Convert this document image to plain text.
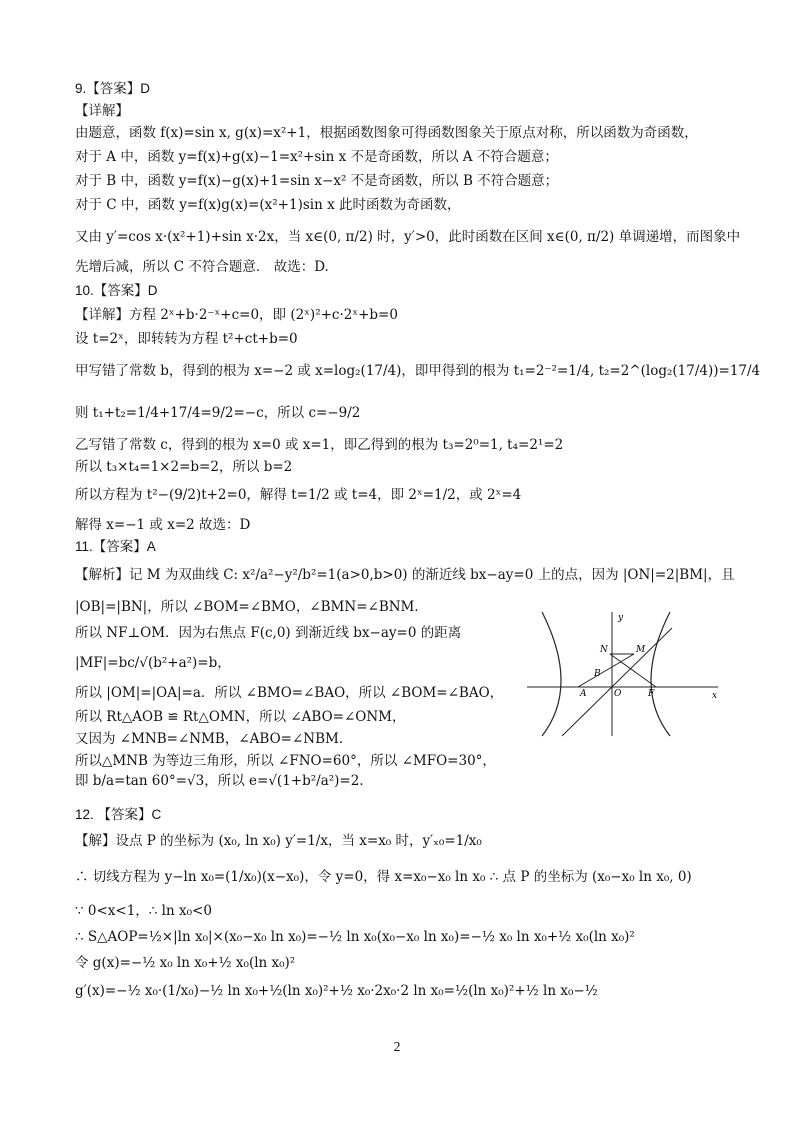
9.【答案】D
【详解】
由题意，函数 f(x)=sin x, g(x)=x²+1，根据函数图象可得函数图象关于原点对称，所以函数为奇函数，
对于 A 中，函数 y=f(x)+g(x)−1=x²+sin x 不是奇函数，所以 A 不符合题意；
对于 B 中，函数 y=f(x)−g(x)+1=sin x−x² 不是奇函数，所以 B 不符合题意；
对于 C 中，函数 y=f(x)g(x)=(x²+1)sin x 此时函数为奇函数，
又由 y′=cos x·(x²+1)+sin x·2x，当 x∈(0, π/2) 时，y′>0，此时函数在区间 x∈(0, π/2) 单调递增，而图象中
先增后减，所以 C 不符合题意． 故选：D.
10.【答案】D
【详解】方程 2ˣ+b·2⁻ˣ+c=0，即 (2ˣ)²+c·2ˣ+b=0
设 t=2ˣ，即转转为方程 t²+ct+b=0
甲写错了常数 b，得到的根为 x=−2 或 x=log₂(17/4)，即甲得到的根为 t₁=2⁻²=1/4, t₂=2^(log₂(17/4))=17/4
则 t₁+t₂=1/4+17/4=9/2=−c，所以 c=−9/2
乙写错了常数 c，得到的根为 x=0 或 x=1，即乙得到的根为 t₃=2⁰=1, t₄=2¹=2
所以 t₃×t₄=1×2=b=2，所以 b=2
所以方程为 t²−(9/2)t+2=0，解得 t=1/2 或 t=4，即 2ˣ=1/2，或 2ˣ=4
解得 x=−1 或 x=2 故选：D
11.【答案】A
【解析】记 M 为双曲线 C: x²/a²−y²/b²=1(a>0,b>0) 的渐近线 bx−ay=0 上的点，因为 |ON|=2|BM|，且
|OB|=|BN|，所以 ∠BOM=∠BMO，∠BMN=∠BNM．
所以 NF⊥OM．因为右焦点 F(c,0) 到渐近线 bx−ay=0 的距离
|MF|=bc/√(b²+a²)=b，
所以 |OM|=|OA|=a．所以 ∠BMO=∠BAO，所以 ∠BOM=∠BAO，
所以 Rt△AOB ≌ Rt△OMN，所以 ∠ABO=∠ONM，
又因为 ∠MNB=∠NMB，∠ABO=∠NBM．
所以△MNB 为等边三角形，所以 ∠FNO=60°，所以 ∠MFO=30°，
即 b/a=tan 60°=√3，所以 e=√(1+b²/a²)=2．
12. 【答案】C
【解】设点 P 的坐标为 (x₀, ln x₀) y′=1/x，当 x=x₀ 时，y′ₓ₀=1/x₀
∴ 切线方程为 y−ln x₀=(1/x₀)(x−x₀)，令 y=0，得 x=x₀−x₀ ln x₀ ∴ 点 P 的坐标为 (x₀−x₀ ln x₀, 0)
∵ 0<x<1，∴ ln x₀<0
∴ S△AOP=½×|ln x₀|×(x₀−x₀ ln x₀)=−½ ln x₀(x₀−x₀ ln x₀)=−½ x₀ ln x₀+½ x₀(ln x₀)²
令 g(x)=−½ x₀ ln x₀+½ x₀(ln x₀)²
g′(x)=−½ x₀·(1/x₀)−½ ln x₀+½(ln x₀)²+½ x₀·2x₀·2 ln x₀=½(ln x₀)²+½ ln x₀−½
y
x
N	M
B
A	O	F
2
